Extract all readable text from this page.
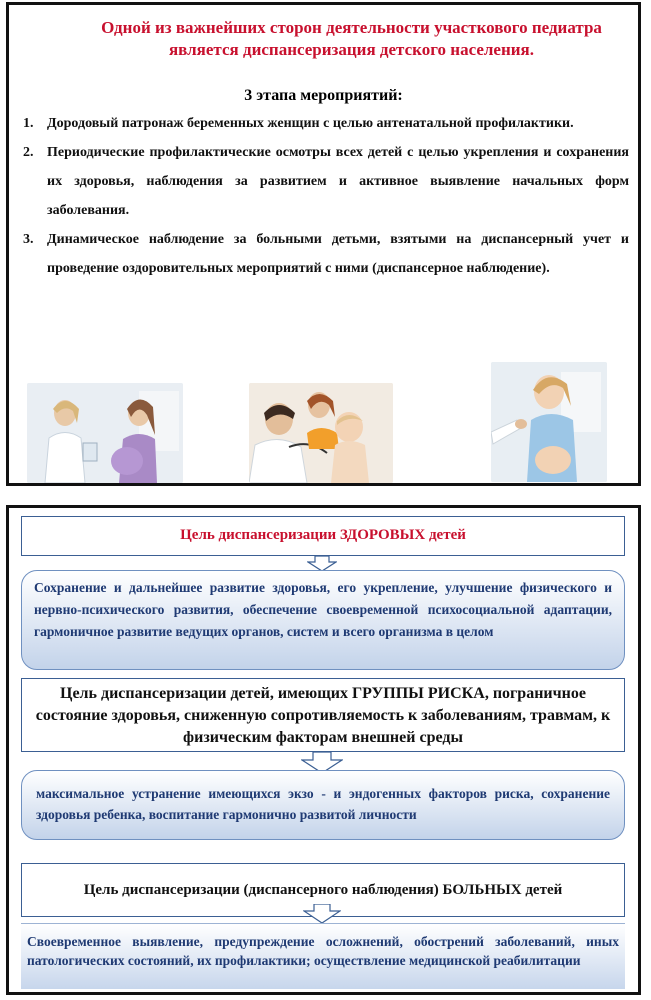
Одной из важнейших сторон деятельности участкового педиатра является диспансеризация детского населения.
3 этапа мероприятий:
1. Дородовый патронаж беременных женщин с целью антенатальной профилактики.
2. Периодические профилактические осмотры всех детей с целью укрепления и сохранения их здоровья, наблюдения за развитием и активное выявление начальных форм заболевания.
3. Динамическое наблюдение за больными детьми, взятыми на диспансерный учет и проведение оздоровительных мероприятий с ними (диспансерное наблюдение).
Цель диспансеризации ЗДОРОВЫХ детей
Сохранение и дальнейшее развитие здоровья, его укрепление, улучшение физического и нервно-психического развития, обеспечение своевременной психосоциальной адаптации, гармоничное развитие ведущих органов, систем и всего организма в целом
Цель диспансеризации детей, имеющих ГРУППЫ РИСКА, пограничное состояние здоровья, сниженную сопротивляемость к заболеваниям, травмам, к физическим факторам внешней среды
максимальное устранение имеющихся экзо - и эндогенных факторов риска, сохранение здоровья ребенка, воспитание гармонично развитой личности
Цель диспансеризации (диспансерного наблюдения) БОЛЬНЫХ детей
Своевременное выявление, предупреждение осложнений, обострений заболеваний, иных патологических состояний, их профилактики; осуществление медицинской реабилитации
